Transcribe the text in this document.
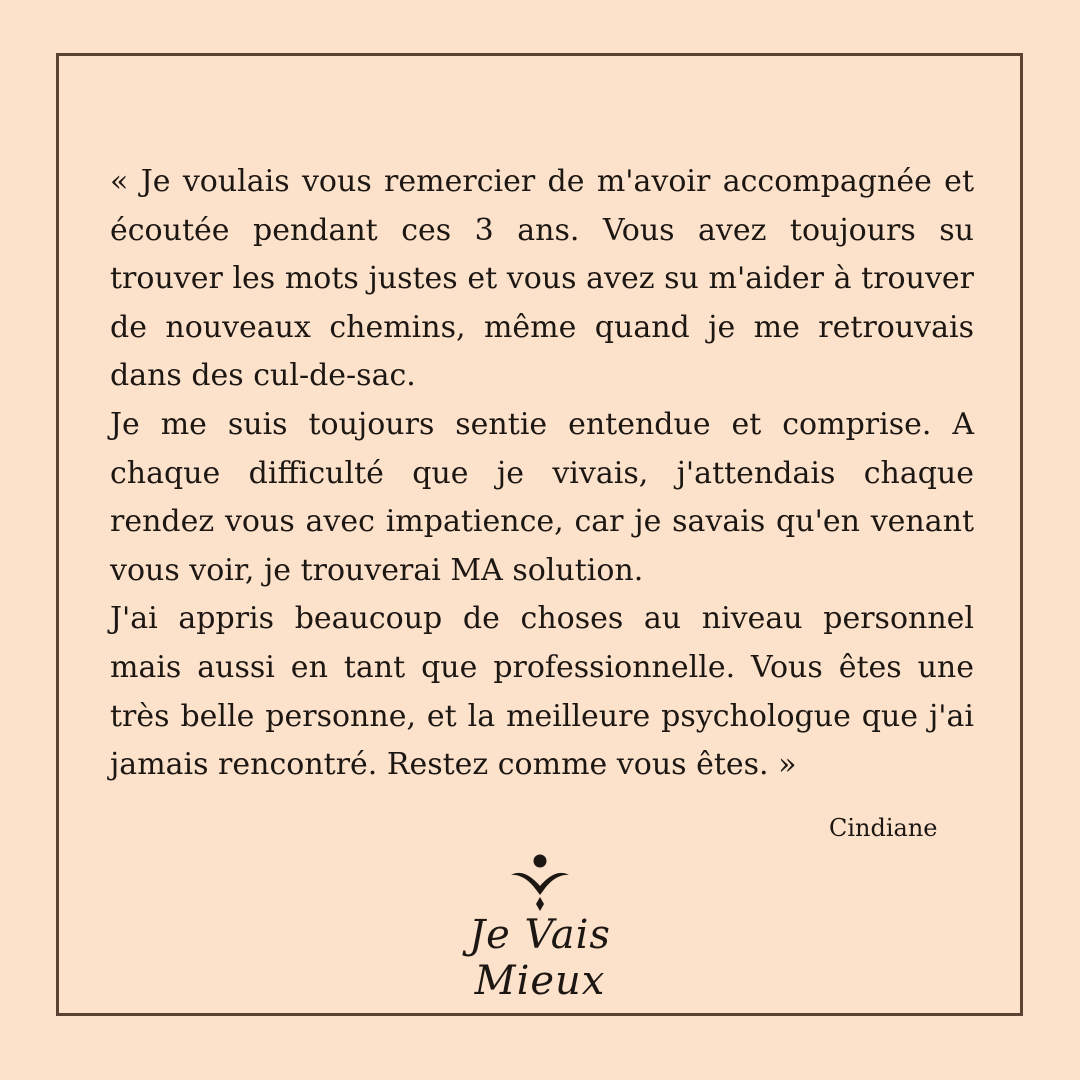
« Je voulais vous remercier de m'avoir accompagnée et écoutée pendant ces 3 ans. Vous avez toujours su trouver les mots justes et vous avez su m'aider à trouver de nouveaux chemins, même quand je me retrouvais dans des cul-de-sac.

Je me suis toujours sentie entendue et comprise. A chaque difficulté que je vivais, j'attendais chaque rendez vous avec impatience, car je savais qu'en venant vous voir, je trouverai MA solution.

J'ai appris beaucoup de choses au niveau personnel mais aussi en tant que professionnelle. Vous êtes une très belle personne, et la meilleure psychologue que j'ai jamais rencontré. Restez comme vous êtes. »

Cindiane
Je Vais Mieux
